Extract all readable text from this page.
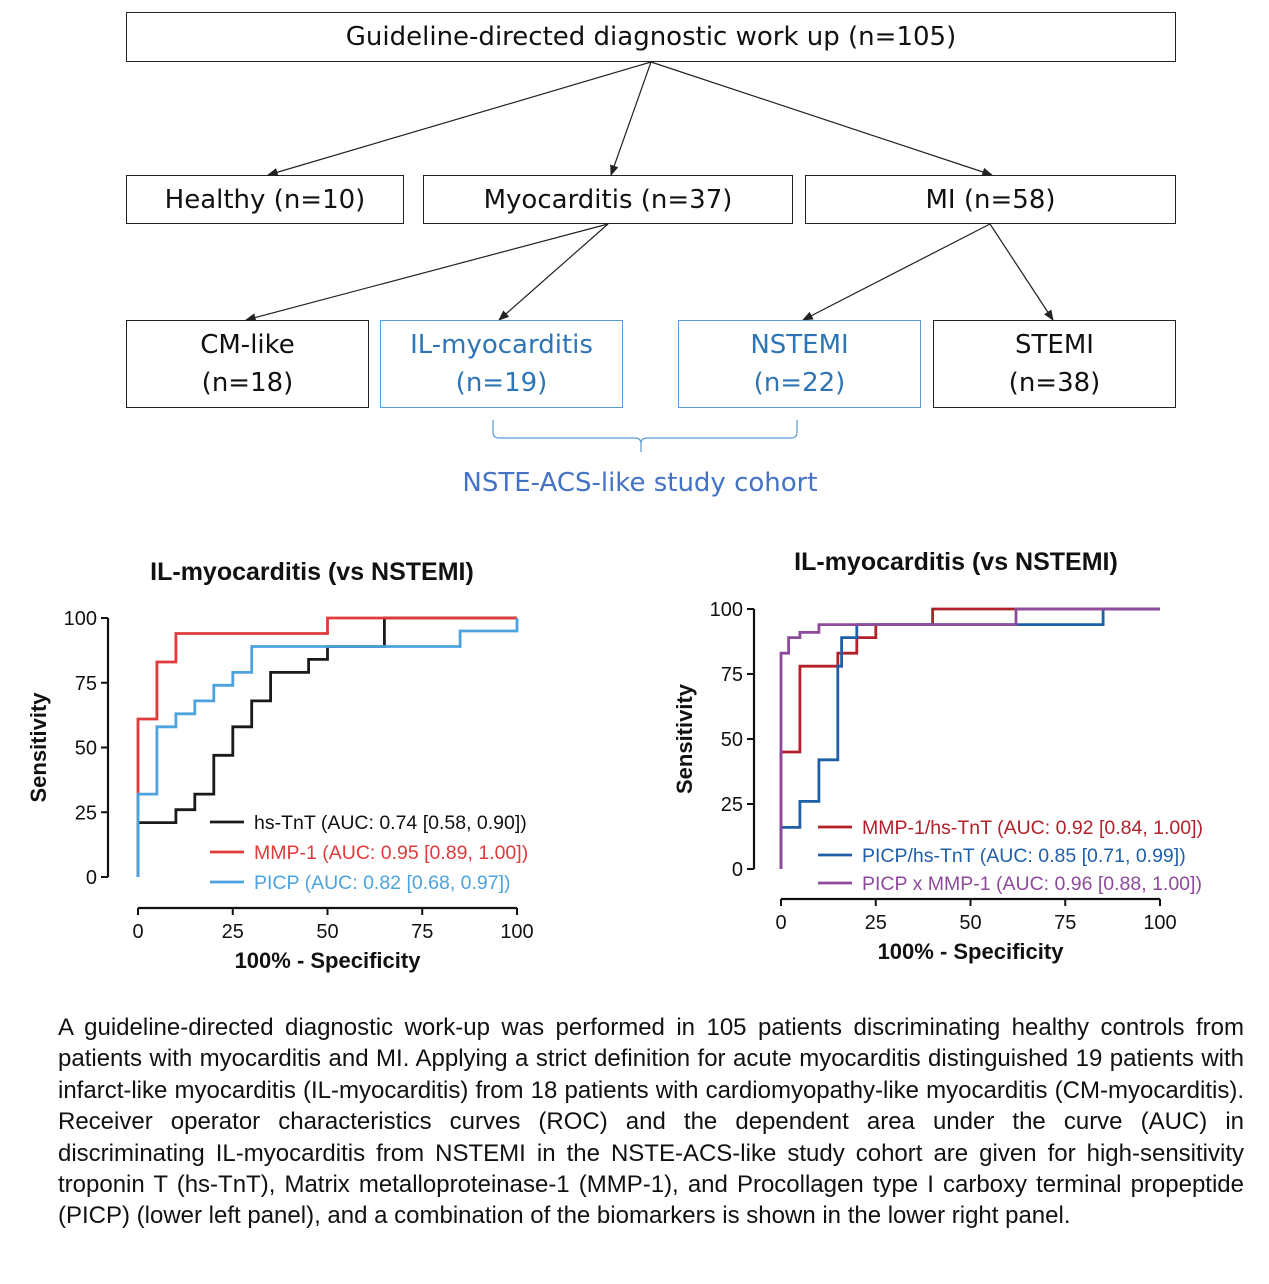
Guideline-directed diagnostic work up (n=105)
Healthy (n=10)	Myocarditis (n=37)	MI (n=58)
CM-like
(n=18)
IL-myocarditis
(n=19)
NSTEMI
(n=22)
STEMI
(n=38)
NSTE-ACS-like study cohort
IL-myocarditis (vs NSTEMI)
0
25
50
75
100
0	25	50	75	100
100% - Specificity
Sensitivity
hs-TnT (AUC: 0.74 [0.58, 0.90])
MMP-1 (AUC: 0.95 [0.89, 1.00])
PICP (AUC: 0.82 [0.68, 0.97])
IL-myocarditis (vs NSTEMI)
0
25
50
75
100
0	25	50	75	100
100% - Specificity
Sensitivity
MMP-1/hs-TnT (AUC: 0.92 [0.84, 1.00])
PICP/hs-TnT (AUC: 0.85 [0.71, 0.99])
PICP x MMP-1 (AUC: 0.96 [0.88, 1.00])
A guideline-directed diagnostic work-up was performed in 105 patients discriminating healthy controls from patients with myocarditis and MI. Applying a strict definition for acute myocarditis distinguished 19 patients with infarct-like myocarditis (IL-myocarditis) from 18 patients with cardiomyopathy-like myocarditis (CM-myocarditis). Receiver operator characteristics curves (ROC) and the dependent area under the curve (AUC) in discriminating IL-myocarditis from NSTEMI in the NSTE-ACS-like study cohort are given for high-sensitivity troponin T (hs-TnT), Matrix metalloproteinase-1 (MMP-1), and Procollagen type I carboxy terminal propeptide (PICP) (lower left panel), and a combination of the biomarkers is shown in the lower right panel.
